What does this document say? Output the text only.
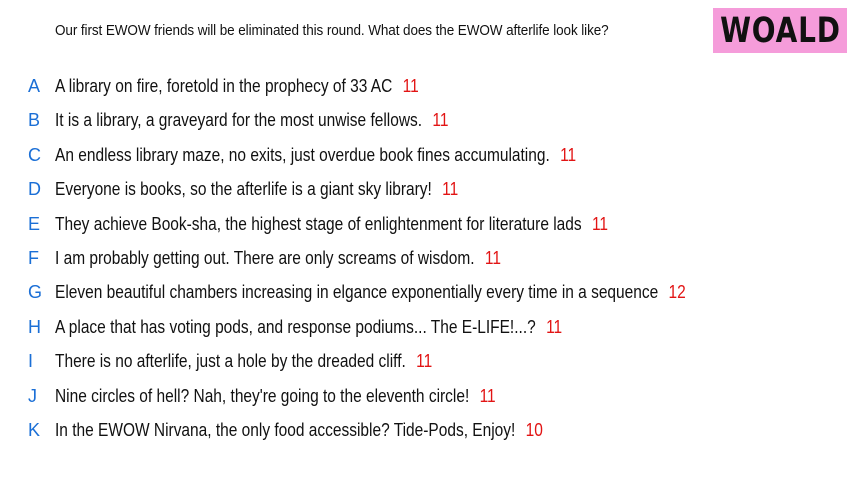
Our first EWOW friends will be eliminated this round. What does the EWOW afterlife look like?	WOALD
A A library on fire, foretold in the prophecy of 33 AC 11
B It is a library, a graveyard for the most unwise fellows. 11
C An endless library maze, no exits, just overdue book fines accumulating. 11
D Everyone is books, so the afterlife is a giant sky library! 11
E They achieve Book-sha, the highest stage of enlightenment for literature lads 11
F I am probably getting out. There are only screams of wisdom. 11
G Eleven beautiful chambers increasing in elgance exponentially every time in a sequence 12
H A place that has voting pods, and response podiums... The E-LIFE!...? 11
I There is no afterlife, just a hole by the dreaded cliff. 11
J Nine circles of hell? Nah, they're going to the eleventh circle! 11
K In the EWOW Nirvana, the only food accessible? Tide-Pods, Enjoy! 10
